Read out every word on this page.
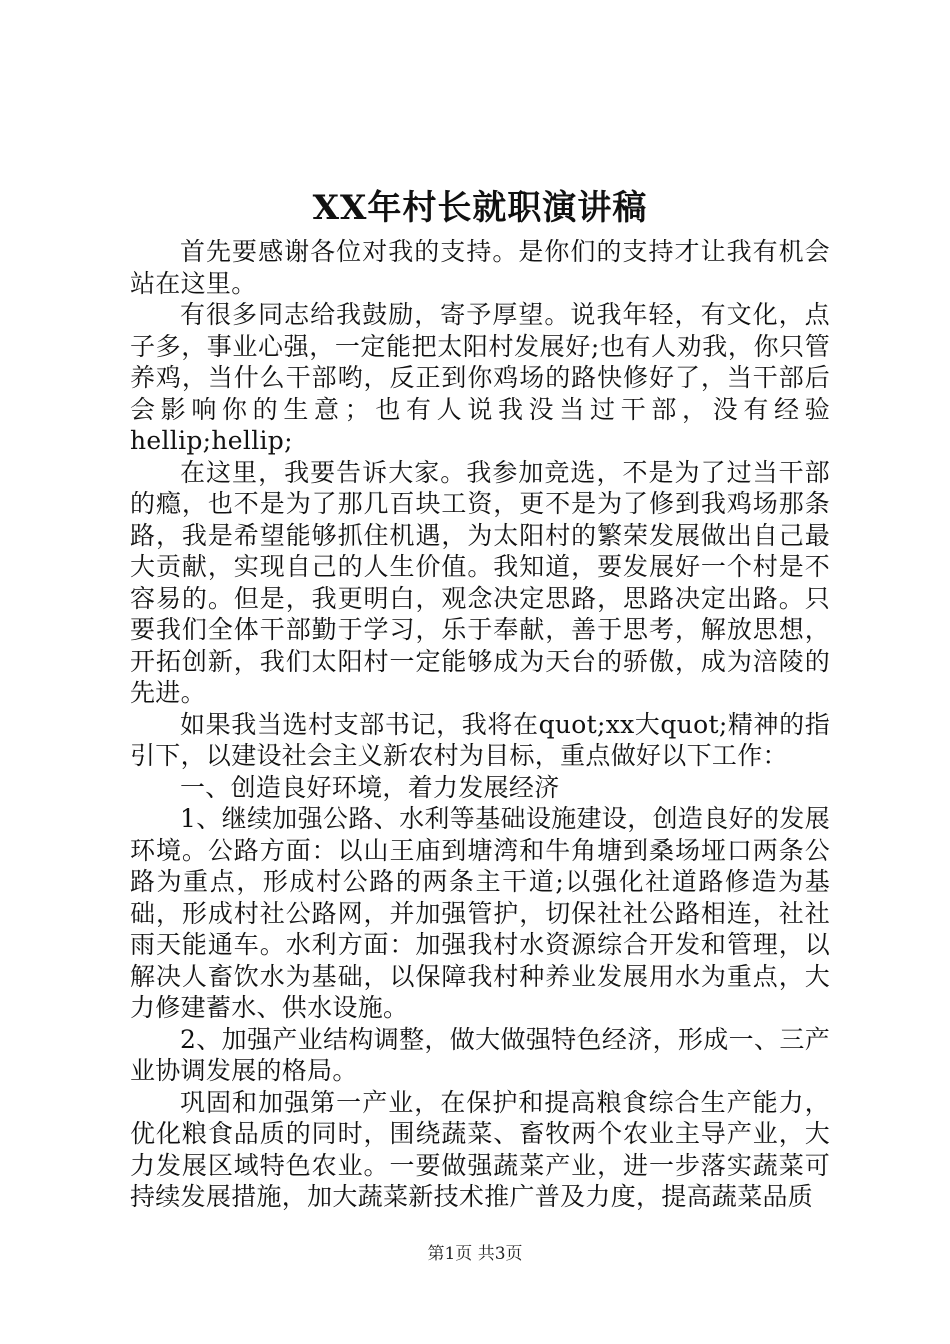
XX年村长就职演讲稿

首先要感谢各位对我的支持。是你们的支持才让我有机会站在这里。

有很多同志给我鼓励，寄予厚望。说我年轻，有文化，点子多，事业心强，一定能把太阳村发展好;也有人劝我，你只管养鸡，当什么干部哟，反正到你鸡场的路快修好了，当干部后会影响你的生意；也有人说我没当过干部，没有经验hellip;hellip;

在这里，我要告诉大家。我参加竞选，不是为了过当干部的瘾，也不是为了那几百块工资，更不是为了修到我鸡场那条路，我是希望能够抓住机遇，为太阳村的繁荣发展做出自己最大贡献，实现自己的人生价值。我知道，要发展好一个村是不容易的。但是，我更明白，观念决定思路，思路决定出路。只要我们全体干部勤于学习，乐于奉献，善于思考，解放思想，开拓创新，我们太阳村一定能够成为天台的骄傲，成为涪陵的先进。

如果我当选村支部书记，我将在quot;xx大quot;精神的指引下，以建设社会主义新农村为目标，重点做好以下工作：

一、创造良好环境，着力发展经济

1、继续加强公路、水利等基础设施建设，创造良好的发展环境。公路方面：以山王庙到塘湾和牛角塘到桑场垭口两条公路为重点，形成村公路的两条主干道;以强化社道路修造为基础，形成村社公路网，并加强管护，切保社社公路相连，社社雨天能通车。水利方面：加强我村水资源综合开发和管理，以解决人畜饮水为基础，以保障我村种养业发展用水为重点，大力修建蓄水、供水设施。

2、加强产业结构调整，做大做强特色经济，形成一、三产业协调发展的格局。

巩固和加强第一产业，在保护和提高粮食综合生产能力，优化粮食品质的同时，围绕蔬菜、畜牧两个农业主导产业，大力发展区域特色农业。一要做强蔬菜产业，进一步落实蔬菜可持续发展措施，加大蔬菜新技术推广普及力度，提高蔬菜品质

第1页 共3页
